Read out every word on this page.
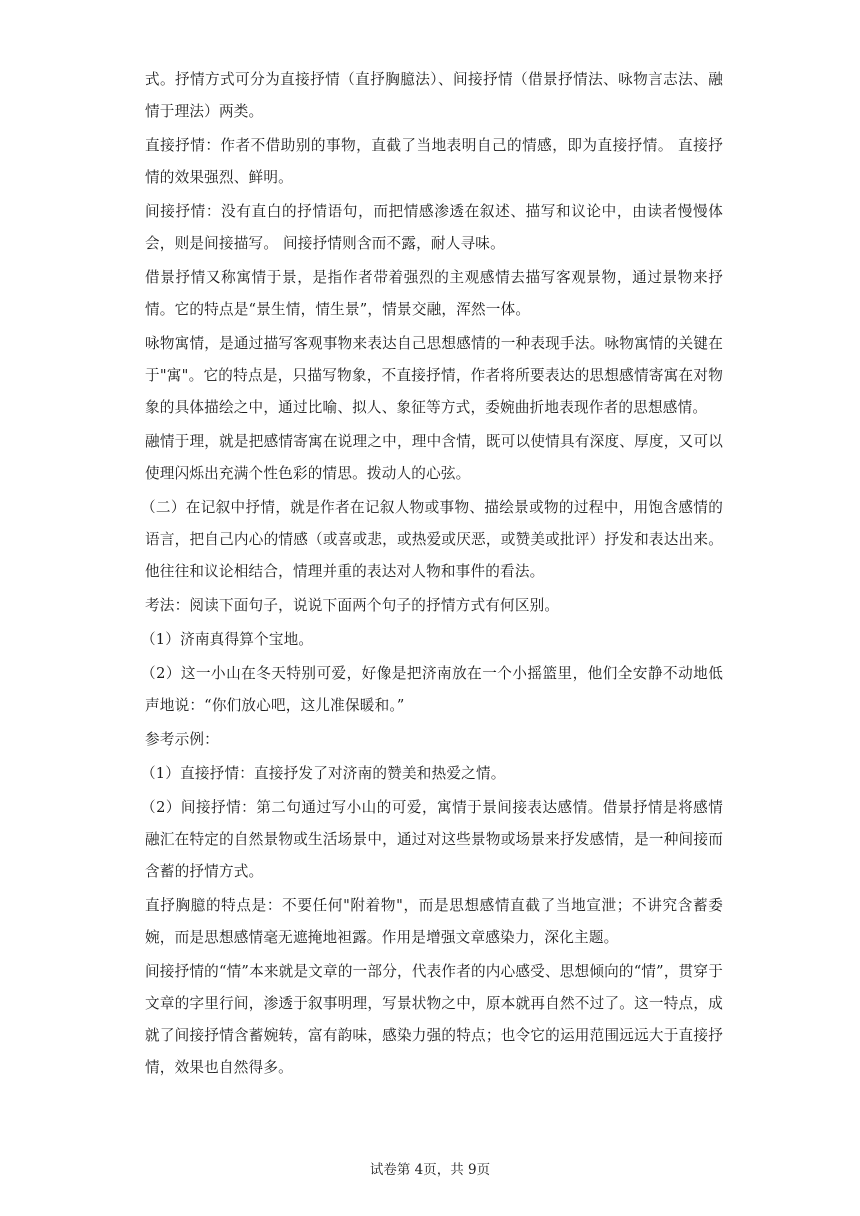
式。抒情方式可分为直接抒情（直抒胸臆法）、间接抒情（借景抒情法、咏物言志法、融情于理法）两类。

直接抒情：作者不借助别的事物，直截了当地表明自己的情感，即为直接抒情。 直接抒情的效果强烈、鲜明。

间接抒情：没有直白的抒情语句，而把情感渗透在叙述、描写和议论中，由读者慢慢体会，则是间接描写。 间接抒情则含而不露，耐人寻味。

借景抒情又称寓情于景，是指作者带着强烈的主观感情去描写客观景物，通过景物来抒情。它的特点是“景生情，情生景”，情景交融，浑然一体。

咏物寓情，是通过描写客观事物来表达自己思想感情的一种表现手法。咏物寓情的关键在于"寓"。它的特点是，只描写物象，不直接抒情，作者将所要表达的思想感情寄寓在对物象的具体描绘之中，通过比喻、拟人、象征等方式，委婉曲折地表现作者的思想感情。

融情于理，就是把感情寄寓在说理之中，理中含情，既可以使情具有深度、厚度，又可以使理闪烁出充满个性色彩的情思。拨动人的心弦。

（二）在记叙中抒情，就是作者在记叙人物或事物、描绘景或物的过程中，用饱含感情的语言，把自己内心的情感（或喜或悲，或热爱或厌恶，或赞美或批评）抒发和表达出来。 他往往和议论相结合，情理并重的表达对人物和事件的看法。

考法：阅读下面句子，说说下面两个句子的抒情方式有何区别。

（1）济南真得算个宝地。

（2）这一小山在冬天特别可爱，好像是把济南放在一个小摇篮里，他们全安静不动地低声地说：“你们放心吧，这儿准保暖和。”

参考示例：

（1）直接抒情：直接抒发了对济南的赞美和热爱之情。

（2）间接抒情：第二句通过写小山的可爱，寓情于景间接表达感情。借景抒情是将感情融汇在特定的自然景物或生活场景中，通过对这些景物或场景来抒发感情，是一种间接而含蓄的抒情方式。

直抒胸臆的特点是：不要任何"附着物"，而是思想感情直截了当地宣泄；不讲究含蓄委婉，而是思想感情毫无遮掩地袒露。作用是增强文章感染力，深化主题。

间接抒情的“情”本来就是文章的一部分，代表作者的内心感受、思想倾向的“情”，贯穿于文章的字里行间，渗透于叙事明理，写景状物之中，原本就再自然不过了。这一特点，成就了间接抒情含蓄婉转，富有韵味，感染力强的特点；也令它的运用范围远远大于直接抒情，效果也自然得多。

试卷第 4页，共 9页
